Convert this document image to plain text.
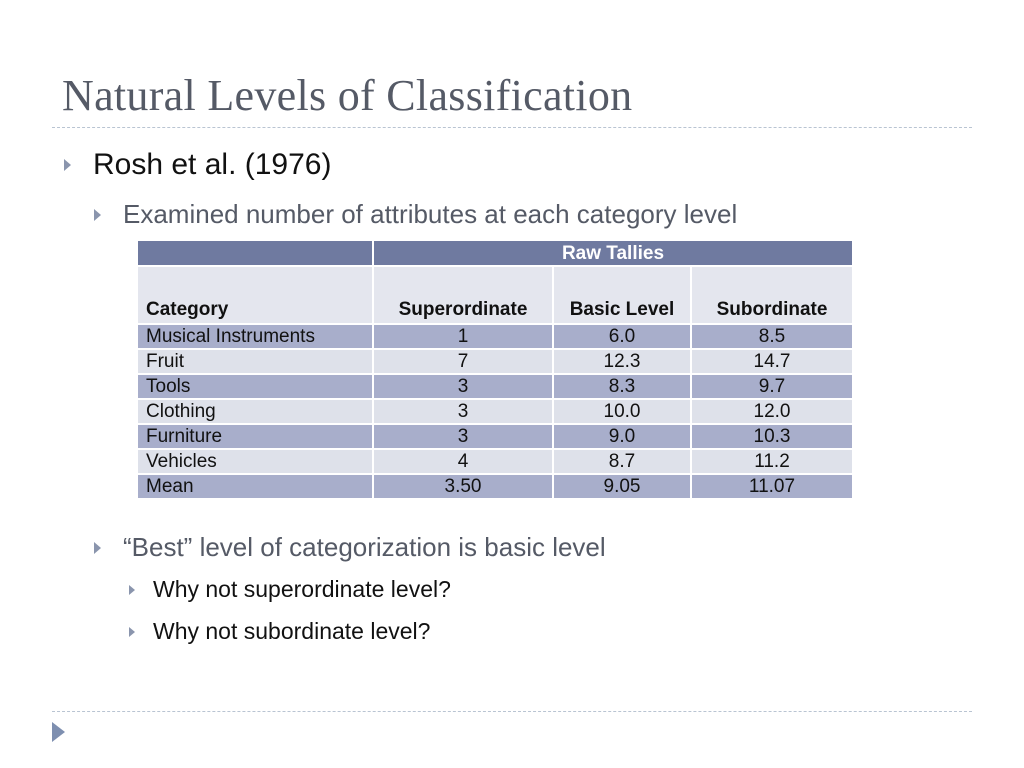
Natural Levels of Classification
Rosh et al. (1976)
Examined number of attributes at each category level
	Raw Tallies		
Category	Superordinate	Basic Level	Subordinate
Musical Instruments	1	6.0	8.5
Fruit	7	12.3	14.7
Tools	3	8.3	9.7
Clothing	3	10.0	12.0
Furniture	3	9.0	10.3
Vehicles	4	8.7	11.2
Mean	3.50	9.05	11.07
“Best” level of categorization is basic level
Why not superordinate level?
Why not subordinate level?
